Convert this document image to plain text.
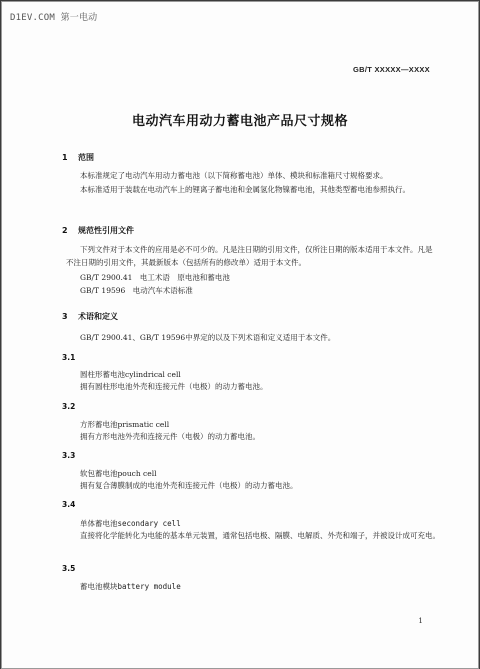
D1EV.COM 第一电动
GB/T XXXXX—XXXX
电动汽车用动力蓄电池产品尺寸规格
1 范围
本标准规定了电动汽车用动力蓄电池（以下简称蓄电池）单体、模块和标准箱尺寸规格要求。
本标准适用于装载在电动汽车上的锂离子蓄电池和金属氢化物镍蓄电池，其他类型蓄电池参照执行。
2 规范性引用文件
下列文件对于本文件的应用是必不可少的。凡是注日期的引用文件，仅所注日期的版本适用于本文件。凡是不注日期的引用文件，其最新版本（包括所有的修改单）适用于本文件。
GB/T 2900.41　电工术语　原电池和蓄电池
GB/T 19596　电动汽车术语标准
3 术语和定义
GB/T 2900.41、GB/T 19596中界定的以及下列术语和定义适用于本文件。
3.1
圆柱形蓄电池cylindrical cell
拥有圆柱形电池外壳和连接元件（电极）的动力蓄电池。
3.2
方形蓄电池prismatic cell
拥有方形电池外壳和连接元件（电极）的动力蓄电池。
3.3
软包蓄电池pouch cell
拥有复合薄膜制成的电池外壳和连接元件（电极）的动力蓄电池。
3.4
单体蓄电池secondary cell
直接将化学能转化为电能的基本单元装置，通常包括电极、隔膜、电解质、外壳和端子，并被设计成可充电。
3.5
蓄电池模块battery module
1
